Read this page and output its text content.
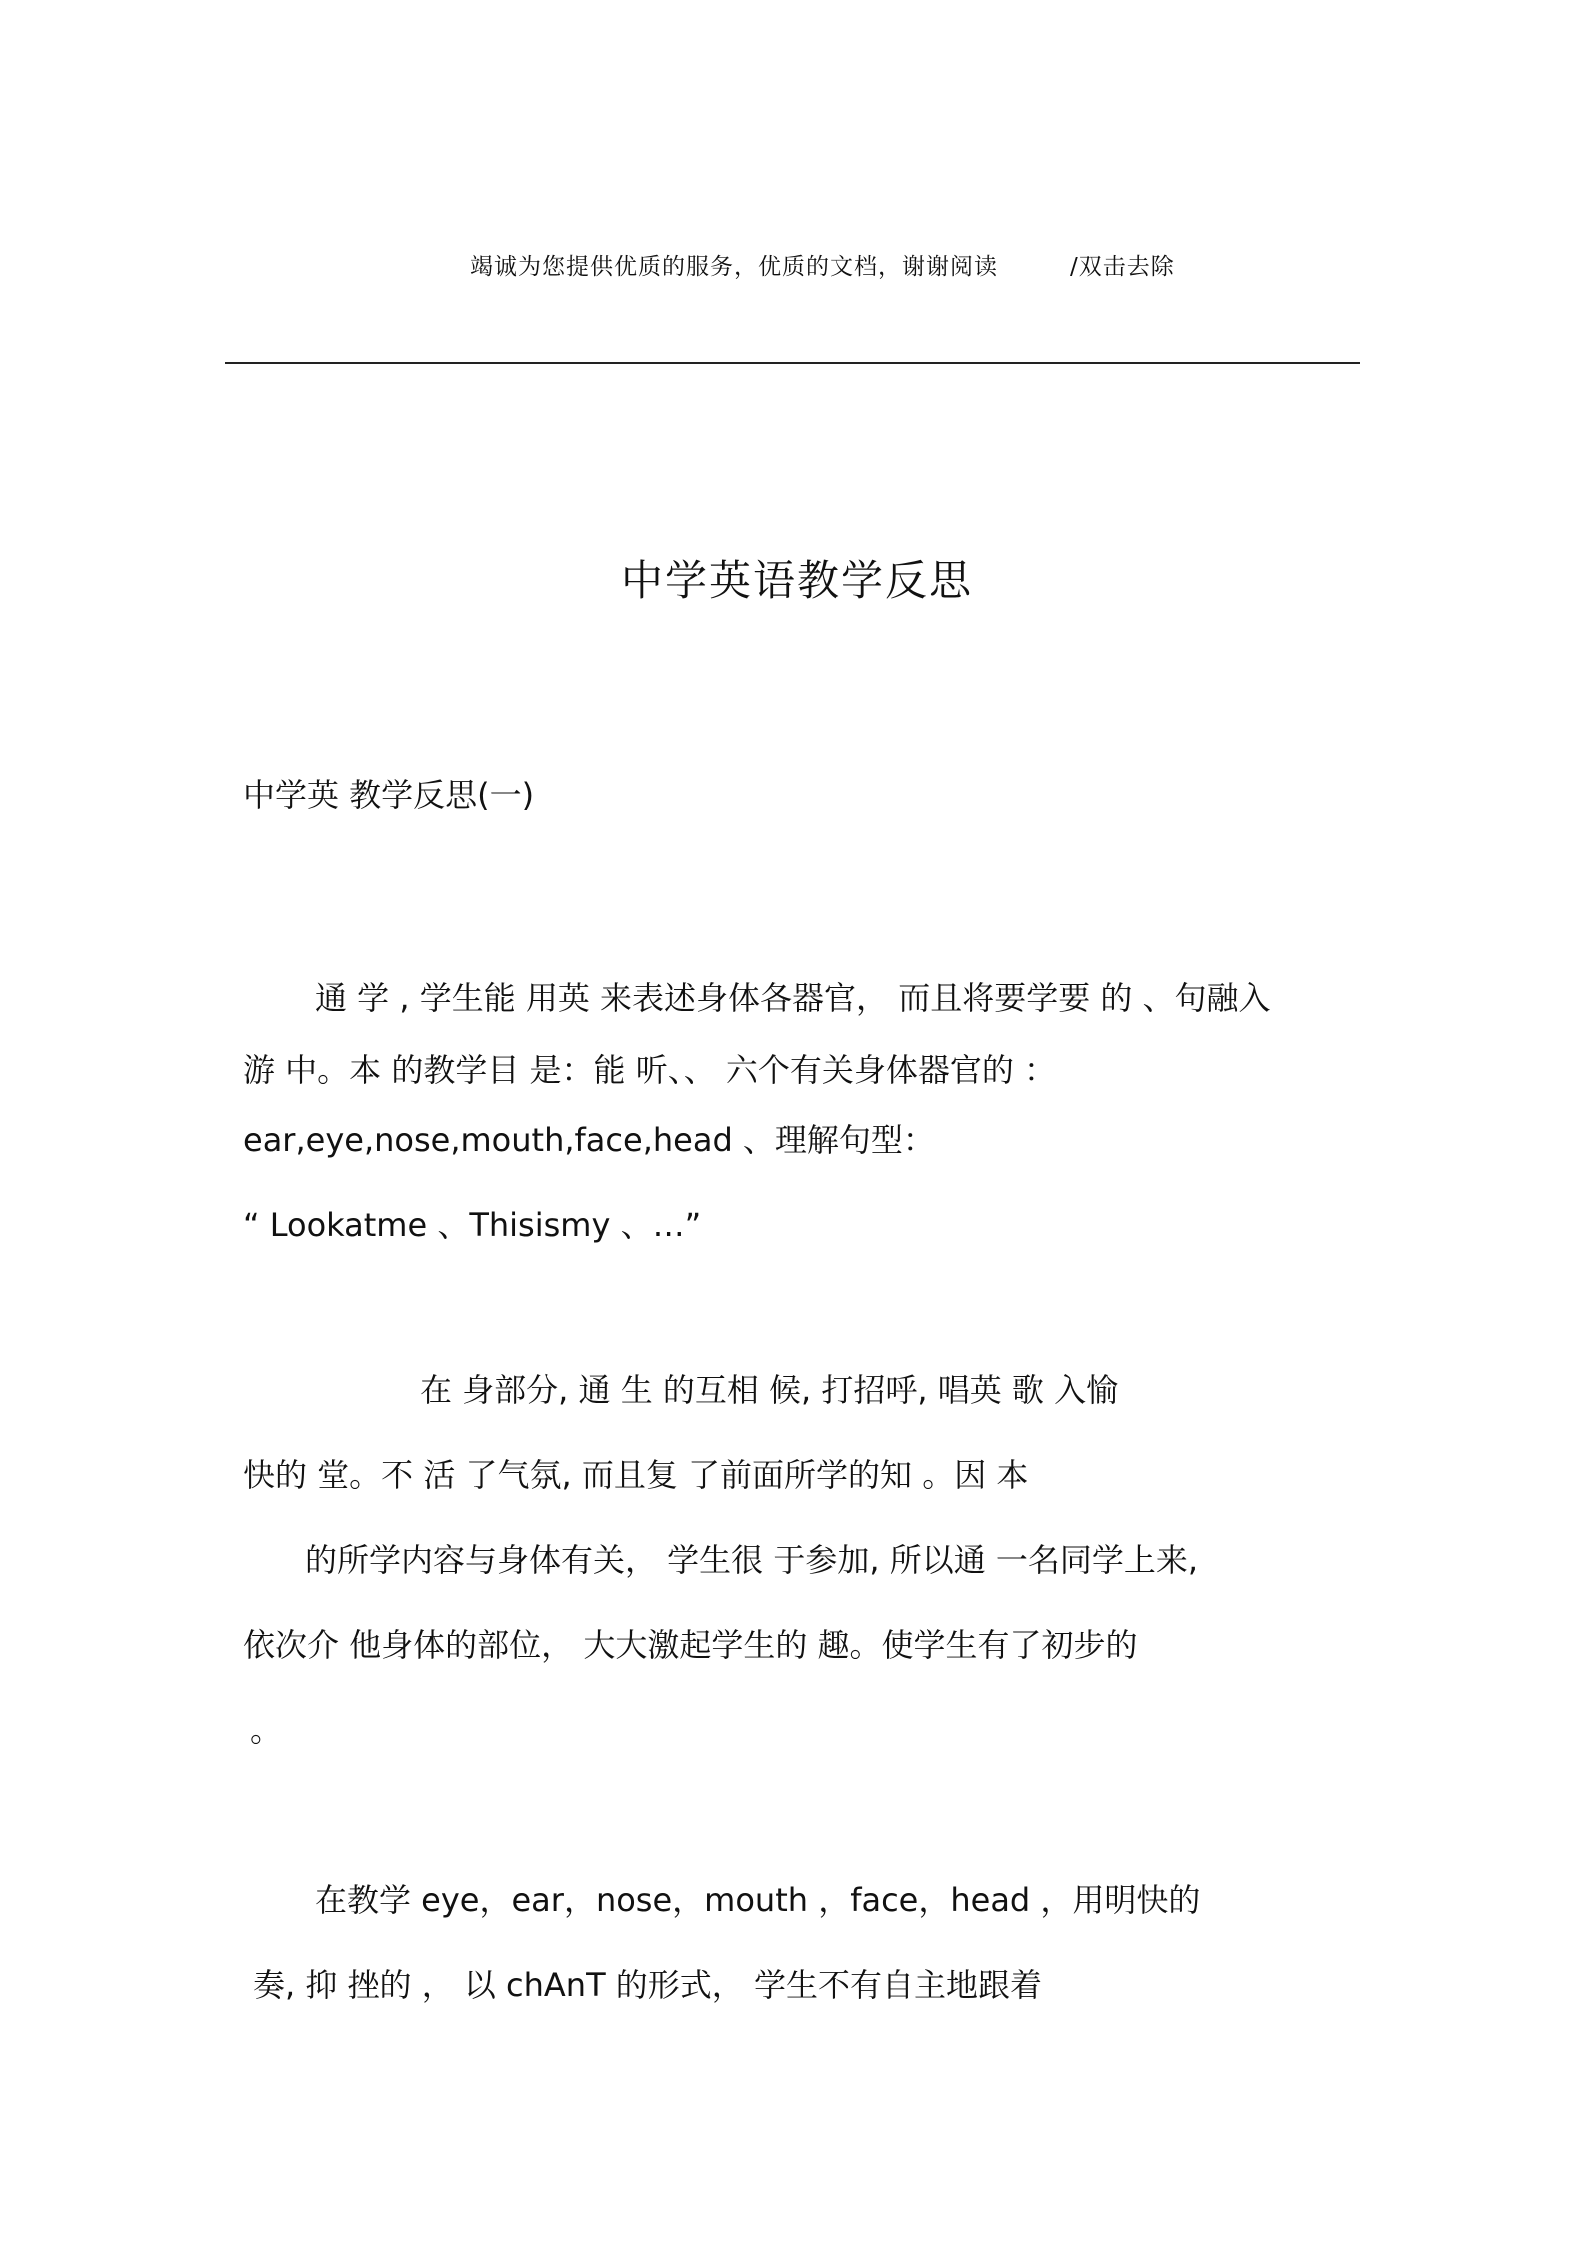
竭诚为您提供优质的服务，优质的文档，谢谢阅读	/双击去除
中学英语教学反思
中学英 教学反思(一)
通 学 , 学生能 用英 来表述身体各器官， 而且将要学要 的 、句融入
游 中。本 的教学目 是：能 听、、 六个有关身体器官的 ：
ear,eye,nose,mouth,face,head 、理解句型：
“ Lookatme 、Thisismy 、…”
在 身部分, 通 生 的互相 候, 打招呼, 唱英 歌 入愉
快的 堂。不 活 了气氛, 而且复 了前面所学的知 。因 本
的所学内容与身体有关， 学生很 于参加, 所以通 一名同学上来,
依次介 他身体的部位， 大大激起学生的 趣。使学生有了初步的
。
在教学 eye，ear，nose，mouth ，face，head ，用明快的
奏, 抑 挫的 ， 以 chAnT 的形式， 学生不有自主地跟着
